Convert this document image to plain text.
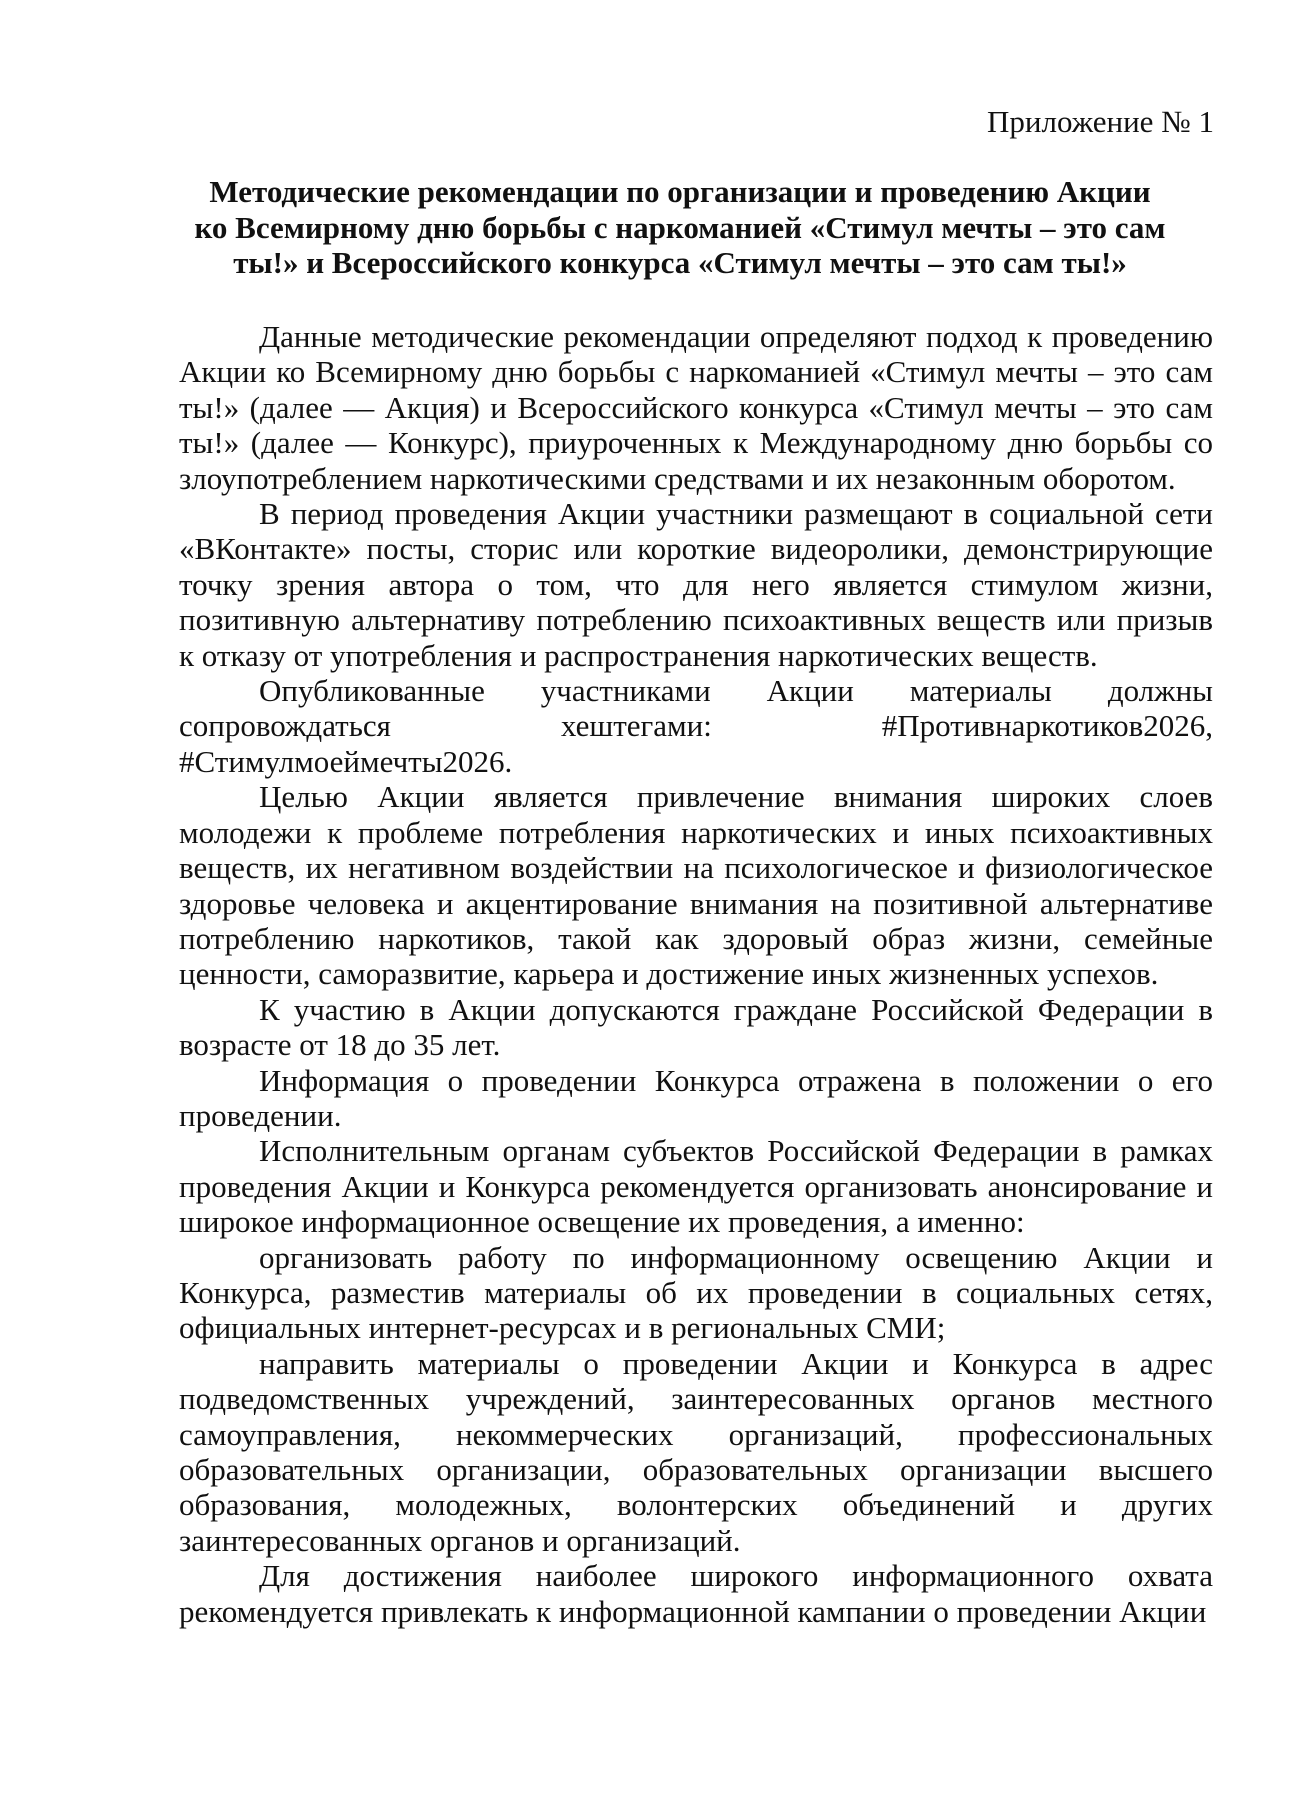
Приложение № 1

Методические рекомендации по организации и проведению Акции
ко Всемирному дню борьбы с наркоманией «Стимул мечты – это сам
ты!» и Всероссийского конкурса «Стимул мечты – это сам ты!»

Данные методические рекомендации определяют подход к проведению Акции ко Всемирному дню борьбы с наркоманией «Стимул мечты – это сам ты!» (далее — Акция) и Всероссийского конкурса «Стимул мечты – это сам ты!» (далее — Конкурс), приуроченных к Международному дню борьбы со злоупотреблением наркотическими средствами и их незаконным оборотом.

В период проведения Акции участники размещают в социальной сети «ВКонтакте» посты, сторис или короткие видеоролики, демонстрирующие точку зрения автора о том, что для него является стимулом жизни, позитивную альтернативу потреблению психоактивных веществ или призыв к отказу от употребления и распространения наркотических веществ.

Опубликованные участниками Акции материалы должны сопровождаться хештегами: #Противнаркотиков2026, #Стимулмоеймечты2026.

Целью Акции является привлечение внимания широких слоев молодежи к проблеме потребления наркотических и иных психоактивных веществ, их негативном воздействии на психологическое и физиологическое здоровье человека и акцентирование внимания на позитивной альтернативе потреблению наркотиков, такой как здоровый образ жизни, семейные ценности, саморазвитие, карьера и достижение иных жизненных успехов.

К участию в Акции допускаются граждане Российской Федерации в возрасте от 18 до 35 лет.

Информация о проведении Конкурса отражена в положении о его проведении.

Исполнительным органам субъектов Российской Федерации в рамках проведения Акции и Конкурса рекомендуется организовать анонсирование и широкое информационное освещение их проведения, а именно:

организовать работу по информационному освещению Акции и Конкурса, разместив материалы об их проведении в социальных сетях, официальных интернет-ресурсах и в региональных СМИ;

направить материалы о проведении Акции и Конкурса в адрес подведомственных учреждений, заинтересованных органов местного самоуправления, некоммерческих организаций, профессиональных образовательных организации, образовательных организации высшего образования, молодежных, волонтерских объединений и других заинтересованных органов и организаций.

Для достижения наиболее широкого информационного охвата рекомендуется привлекать к информационной кампании о проведении Акции
